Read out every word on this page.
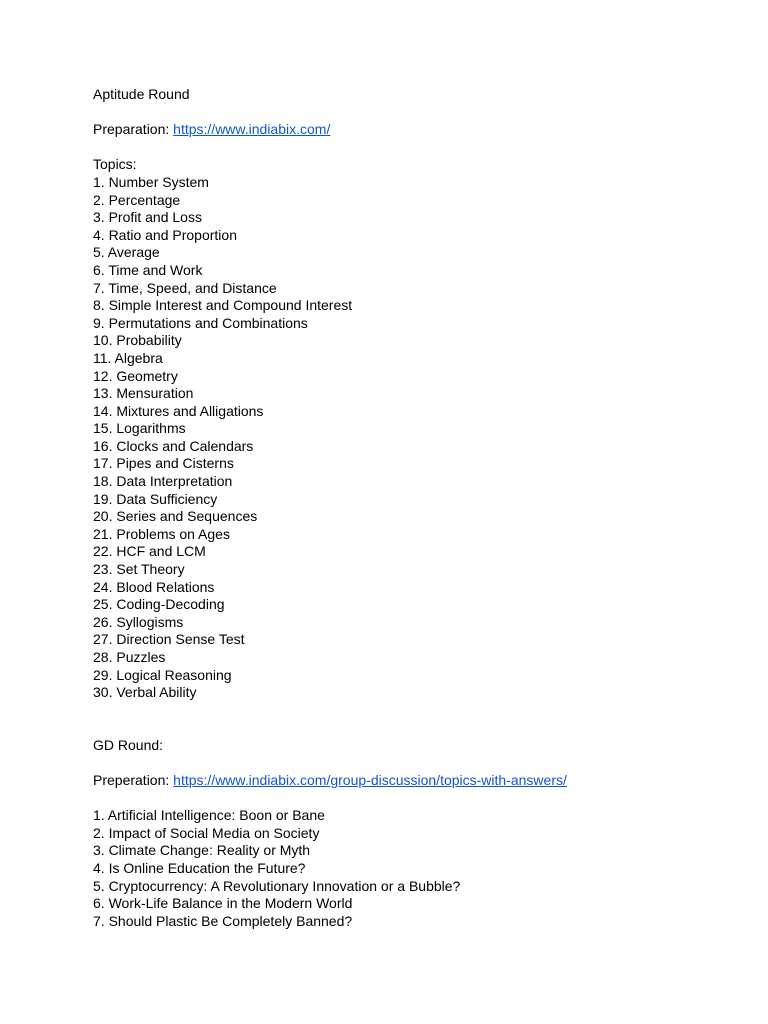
Aptitude Round
Preparation: https://www.indiabix.com/
Topics:
1. Number System
2. Percentage
3. Profit and Loss
4. Ratio and Proportion
5. Average
6. Time and Work
7. Time, Speed, and Distance
8. Simple Interest and Compound Interest
9. Permutations and Combinations
10. Probability
11. Algebra
12. Geometry
13. Mensuration
14. Mixtures and Alligations
15. Logarithms
16. Clocks and Calendars
17. Pipes and Cisterns
18. Data Interpretation
19. Data Sufficiency
20. Series and Sequences
21. Problems on Ages
22. HCF and LCM
23. Set Theory
24. Blood Relations
25. Coding-Decoding
26. Syllogisms
27. Direction Sense Test
28. Puzzles
29. Logical Reasoning
30. Verbal Ability
GD Round:
Preperation: https://www.indiabix.com/group-discussion/topics-with-answers/
1. Artificial Intelligence: Boon or Bane
2. Impact of Social Media on Society
3. Climate Change: Reality or Myth
4. Is Online Education the Future?
5. Cryptocurrency: A Revolutionary Innovation or a Bubble?
6. Work-Life Balance in the Modern World
7. Should Plastic Be Completely Banned?
